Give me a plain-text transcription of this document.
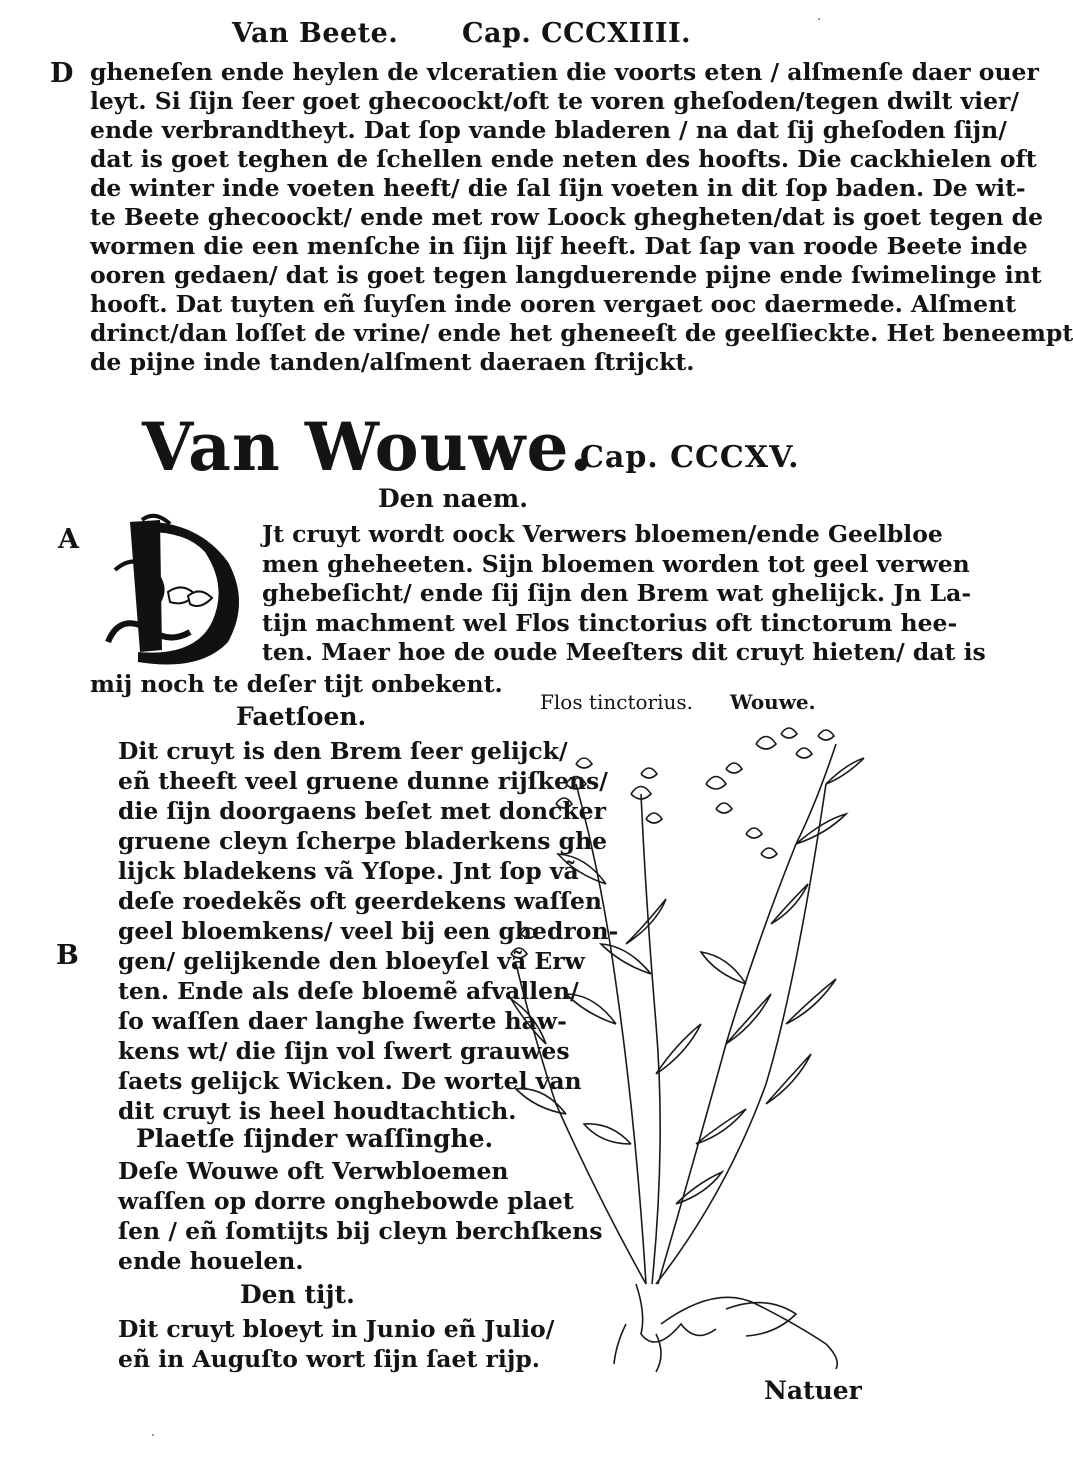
Van Beete. Cap. CCCXIIII.
D gheneſen ende heylen de vlceratien die voorts eten / alſmenſe daer ouer
leyt. Si ſijn ſeer goet ghecoockt/oft te voren gheſoden/tegen dwilt vier/
ende verbrandtheyt. Dat ſop vande bladeren / na dat ſij gheſoden ſijn/
dat is goet teghen de ſchellen ende neten des hoofts. Die cackhielen oft
de winter inde voeten heeft/ die ſal ſijn voeten in dit ſop baden. De wit-
te Beete ghecoockt/ ende met row Loock ghegheten/dat is goet tegen de
wormen die een menſche in ſijn lijf heeft. Dat ſap van roode Beete inde
ooren gedaen/ dat is goet tegen langduerende pijne ende ſwimelinge int
hooft. Dat tuyten eñ ſuyſen inde ooren vergaet ooc daermede. Alſment
drinct/dan loſſet de vrine/ ende het gheneeſt de geelſieckte. Het beneempt
de pijne inde tanden/alſment daeraen ſtrijckt.
Van Wouwe.
Cap. CCCXV.
Den naem.
A	Jt cruyt wordt oock Verwers bloemen/ende Geelbloe
men gheheeten. Sijn bloemen worden tot geel verwen
ghebeſicht/ ende ſij ſijn den Brem wat ghelijck. Jn La-
tijn machment wel Flos tinctorius oft tinctorum hee-
ten. Maer hoe de oude Meeſters dit cruyt hieten/ dat is
mij noch te deſer tijt onbekent.
Flos tinctorius. Wouwe.
Faetſoen.
B
Dit cruyt is den Brem ſeer gelijck/
eñ theeft veel gruene dunne rijſkens/
die ſijn doorgaens beſet met doncker
gruene cleyn ſcherpe bladerkens ghe
lijck bladekens vã Yſope. Jnt ſop vã
deſe roedekẽs oft geerdekens waſſen
geel bloemkens/ veel bij een ghedron-
gen/ gelijkende den bloeyſel vã Erw
ten. Ende als deſe bloemẽ afvallen/
ſo waſſen daer langhe ſwerte haw-
kens wt/ die ſijn vol ſwert grauwes
ſaets gelijck Wicken. De wortel van
dit cruyt is heel houdtachtich.
Plaetſe ſijnder waſſinghe.
Deſe Wouwe oft Verwbloemen
waſſen op dorre onghebowde plaet
ſen / eñ ſomtijts bij cleyn berchſkens
ende houelen.
Den tijt.
Dit cruyt bloeyt in Junio eñ Julio/
eñ in Auguſto wort ſijn ſaet rijp.
Natuer
